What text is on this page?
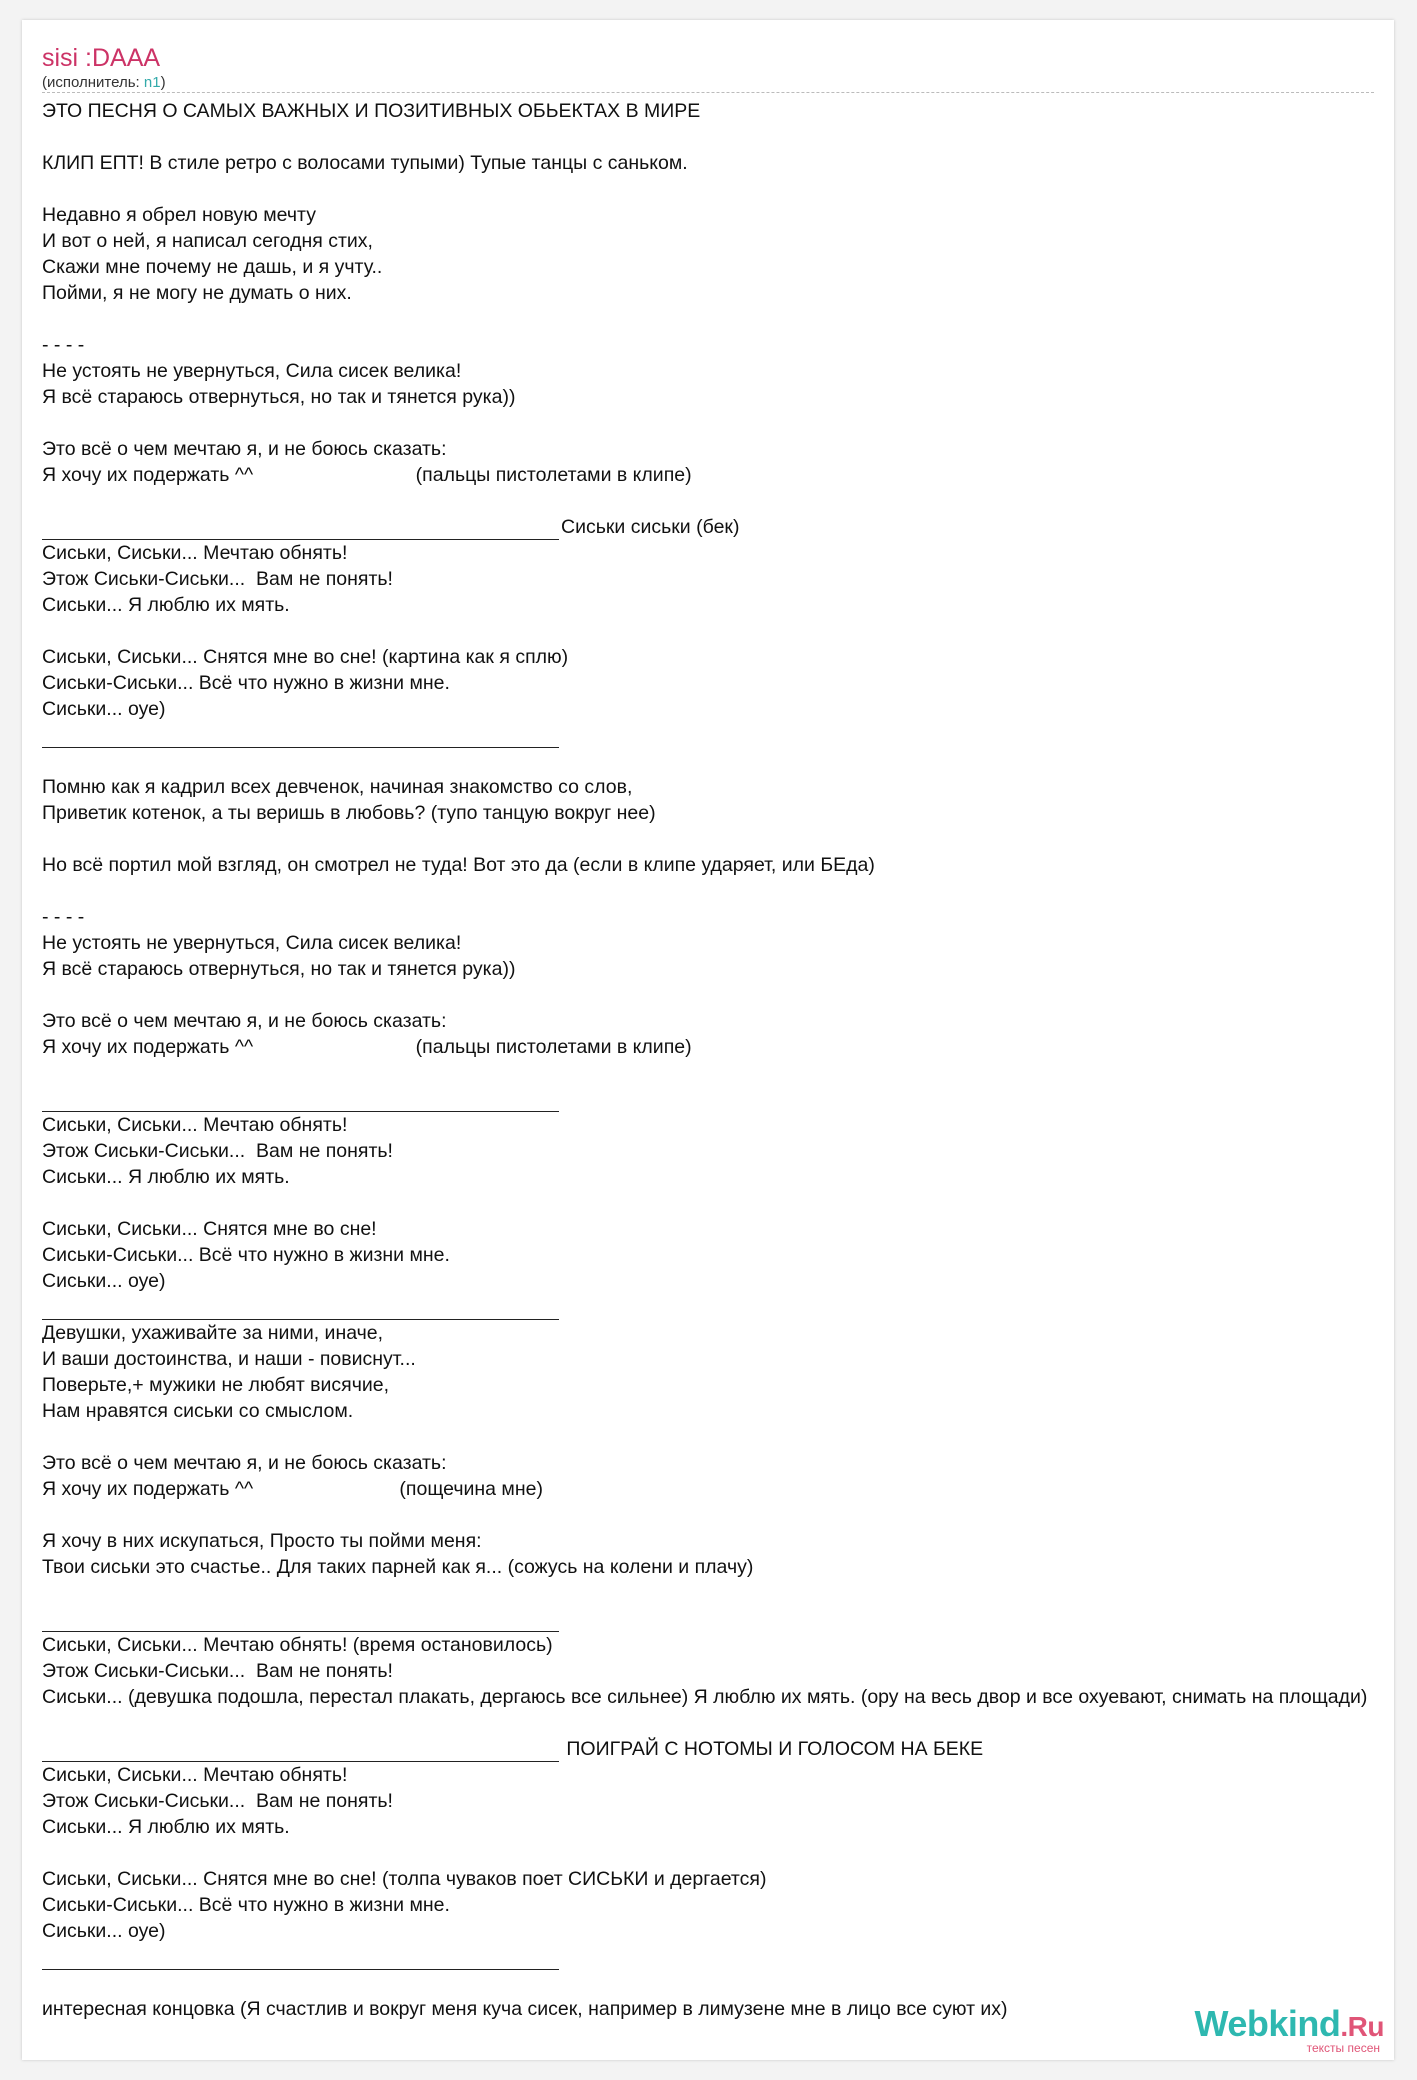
sisi :DAAA
(исполнитель: n1)
ЭТО ПЕСНЯ О САМЫХ ВАЖНЫХ И ПОЗИТИВНЫХ ОБЬЕКТАХ В МИРЕ
КЛИП ЕПТ! В стиле ретро с волосами тупыми) Тупые танцы с саньком.
Недавно я обрел новую мечту
И вот о ней, я написал сегодня стих,
Скажи мне почему не дашь, и я учту..
Пойми, я не могу не думать о них.
- - - -
Не устоять не увернуться, Сила сисек велика!
Я всё стараюсь отвернуться, но так и тянется рука))
Это всё о чем мечтаю я, и не боюсь сказать:
Я хочу их подержать ^^                              (пальцы пистолетами в клипе)
Сиськи сиськи (бек)
Сиськи, Сиськи... Мечтаю обнять!
Этож Сиськи-Сиськи...  Вам не понять!
Сиськи... Я люблю их мять.
Сиськи, Сиськи... Снятся мне во сне! (картина как я сплю)
Сиськи-Сиськи... Всё что нужно в жизни мне.
Сиськи... оуе)
Помню как я кадрил всех девченок, начиная знакомство со слов,
Приветик котенок, а ты веришь в любовь? (тупо танцую вокруг нее)
Но всё портил мой взгляд, он смотрел не туда! Вот это да (если в клипе ударяет, или БЕда)
- - - -
Не устоять не увернуться, Сила сисек велика!
Я всё стараюсь отвернуться, но так и тянется рука))
Это всё о чем мечтаю я, и не боюсь сказать:
Я хочу их подержать ^^                              (пальцы пистолетами в клипе)
Сиськи, Сиськи... Мечтаю обнять!
Этож Сиськи-Сиськи...  Вам не понять!
Сиськи... Я люблю их мять.
Сиськи, Сиськи... Снятся мне во сне!
Сиськи-Сиськи... Всё что нужно в жизни мне.
Сиськи... оуе)
Девушки, ухаживайте за ними, иначе,
И ваши достоинства, и наши - повиснут...
Поверьте,+ мужики не любят висячие,
Нам нравятся сиськи со смыслом.
Это всё о чем мечтаю я, и не боюсь сказать:
Я хочу их подержать ^^                           (пощечина мне)
Я хочу в них искупаться, Просто ты пойми меня:
Твои сиськи это счастье.. Для таких парней как я... (сожусь на колени и плачу)
Сиськи, Сиськи... Мечтаю обнять! (время остановилось)
Этож Сиськи-Сиськи...  Вам не понять!
Сиськи... (девушка подошла, перестал плакать, дергаюсь все сильнее) Я люблю их мять. (ору на весь двор и все охуевают, снимать на площади)
ПОИГРАЙ С НОТОМЫ И ГОЛОСОМ НА БЕКЕ
Сиськи, Сиськи... Мечтаю обнять!
Этож Сиськи-Сиськи...  Вам не понять!
Сиськи... Я люблю их мять.
Сиськи, Сиськи... Снятся мне во сне! (толпа чуваков поет СИСЬКИ и дергается)
Сиськи-Сиськи... Всё что нужно в жизни мне.
Сиськи... оуе)
интересная концовка (Я счастлив и вокруг меня куча сисек, например в лимузене мне в лицо все суют их)	Webkind.Ru
тексты песен
